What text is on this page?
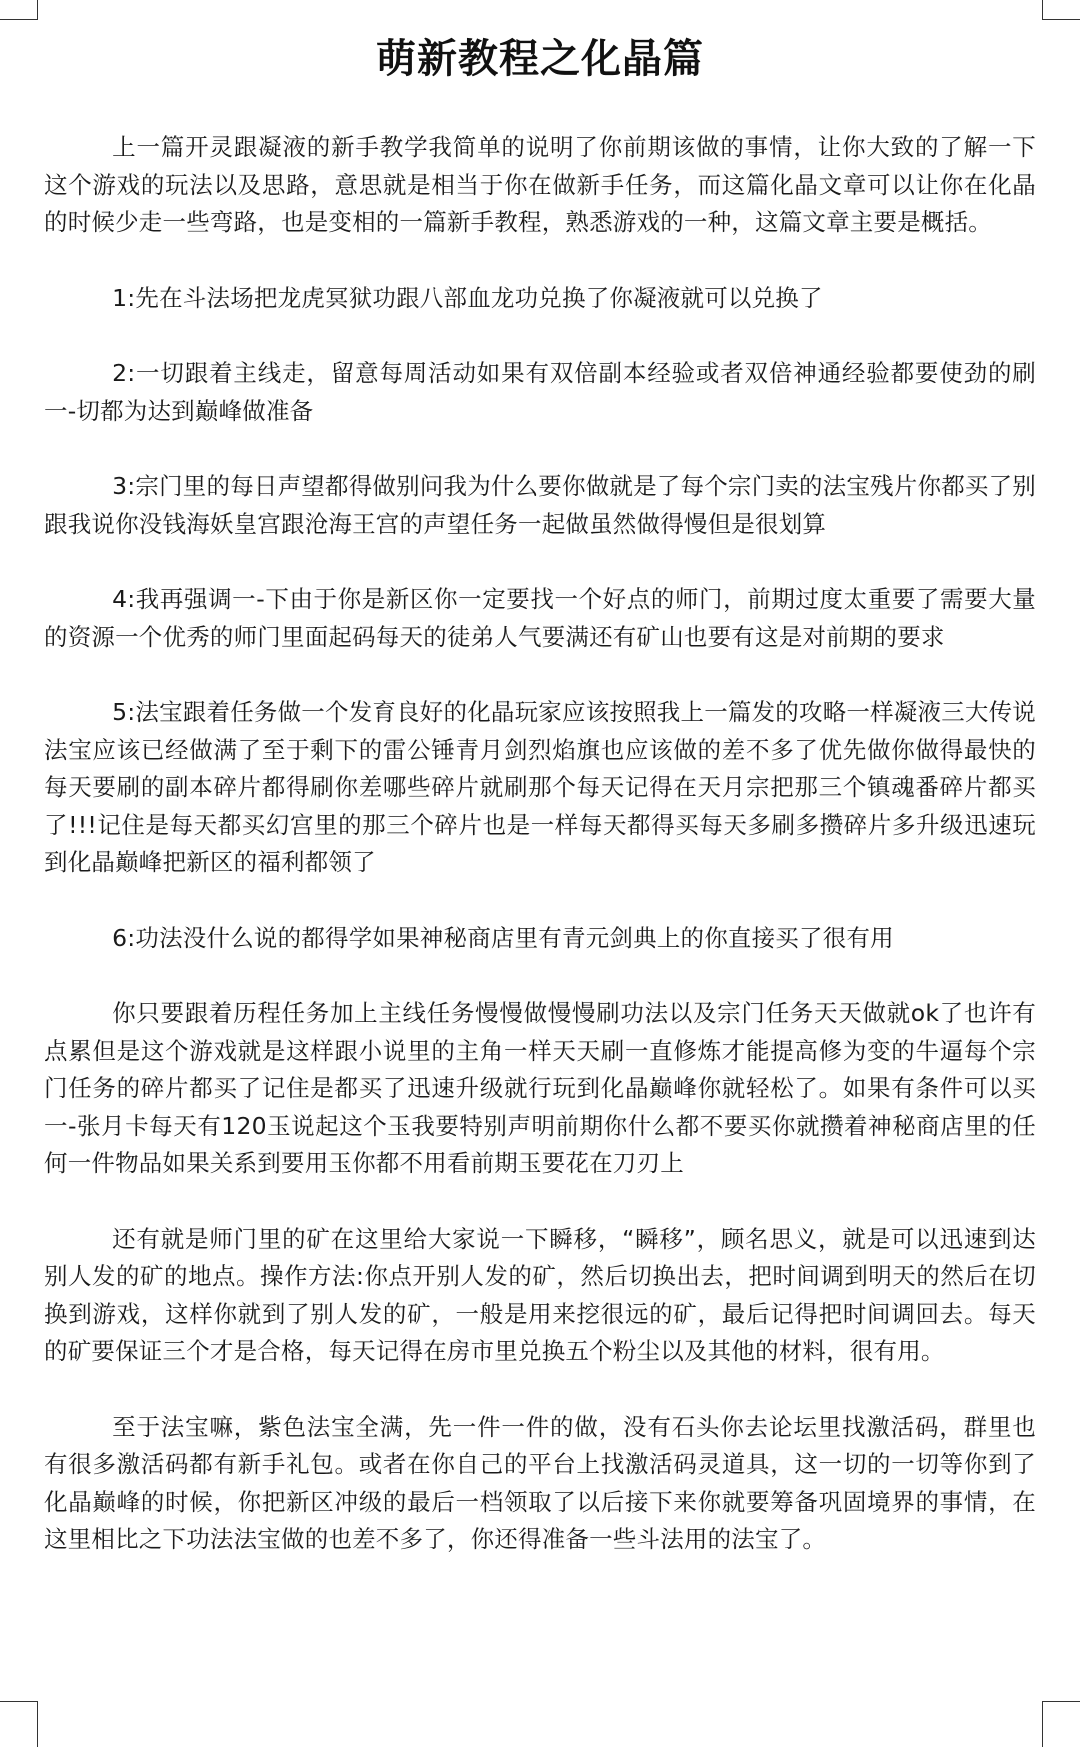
萌新教程之化晶篇

上一篇开灵跟凝液的新手教学我简单的说明了你前期该做的事情，让你大致的了解一下这个游戏的玩法以及思路，意思就是相当于你在做新手任务，而这篇化晶文章可以让你在化晶的时候少走一些弯路，也是变相的一篇新手教程，熟悉游戏的一种，这篇文章主要是概括。

1:先在斗法场把龙虎冥狱功跟八部血龙功兑换了你凝液就可以兑换了

2:一切跟着主线走，留意每周活动如果有双倍副本经验或者双倍神通经验都要使劲的刷一-切都为达到巅峰做准备

3:宗门里的每日声望都得做别问我为什么要你做就是了每个宗门卖的法宝残片你都买了别跟我说你没钱海妖皇宫跟沧海王宫的声望任务一起做虽然做得慢但是很划算

4:我再强调一-下由于你是新区你一定要找一个好点的师门，前期过度太重要了需要大量的资源一个优秀的师门里面起码每天的徒弟人气要满还有矿山也要有这是对前期的要求

5:法宝跟着任务做一个发育良好的化晶玩家应该按照我上一篇发的攻略一样凝液三大传说法宝应该已经做满了至于剩下的雷公锤青月剑烈焰旗也应该做的差不多了优先做你做得最快的每天要刷的副本碎片都得刷你差哪些碎片就刷那个每天记得在天月宗把那三个镇魂番碎片都买了!!!记住是每天都买幻宫里的那三个碎片也是一样每天都得买每天多刷多攒碎片多升级迅速玩到化晶巅峰把新区的福利都领了

6:功法没什么说的都得学如果神秘商店里有青元剑典上的你直接买了很有用

你只要跟着历程任务加上主线任务慢慢做慢慢刷功法以及宗门任务天天做就ok了也许有点累但是这个游戏就是这样跟小说里的主角一样天天刷一直修炼才能提高修为变的牛逼每个宗门任务的碎片都买了记住是都买了迅速升级就行玩到化晶巅峰你就轻松了。如果有条件可以买一-张月卡每天有120玉说起这个玉我要特别声明前期你什么都不要买你就攒着神秘商店里的任何一件物品如果关系到要用玉你都不用看前期玉要花在刀刃上

还有就是师门里的矿在这里给大家说一下瞬移，“瞬移”，顾名思义，就是可以迅速到达别人发的矿的地点。操作方法:你点开别人发的矿，然后切换出去，把时间调到明天的然后在切换到游戏，这样你就到了别人发的矿，一般是用来挖很远的矿，最后记得把时间调回去。每天的矿要保证三个才是合格，每天记得在房市里兑换五个粉尘以及其他的材料，很有用。

至于法宝嘛，紫色法宝全满，先一件一件的做，没有石头你去论坛里找激活码，群里也有很多激活码都有新手礼包。或者在你自己的平台上找激活码灵道具，这一切的一切等你到了化晶巅峰的时候，你把新区冲级的最后一档领取了以后接下来你就要筹备巩固境界的事情，在这里相比之下功法法宝做的也差不多了，你还得准备一些斗法用的法宝了。
